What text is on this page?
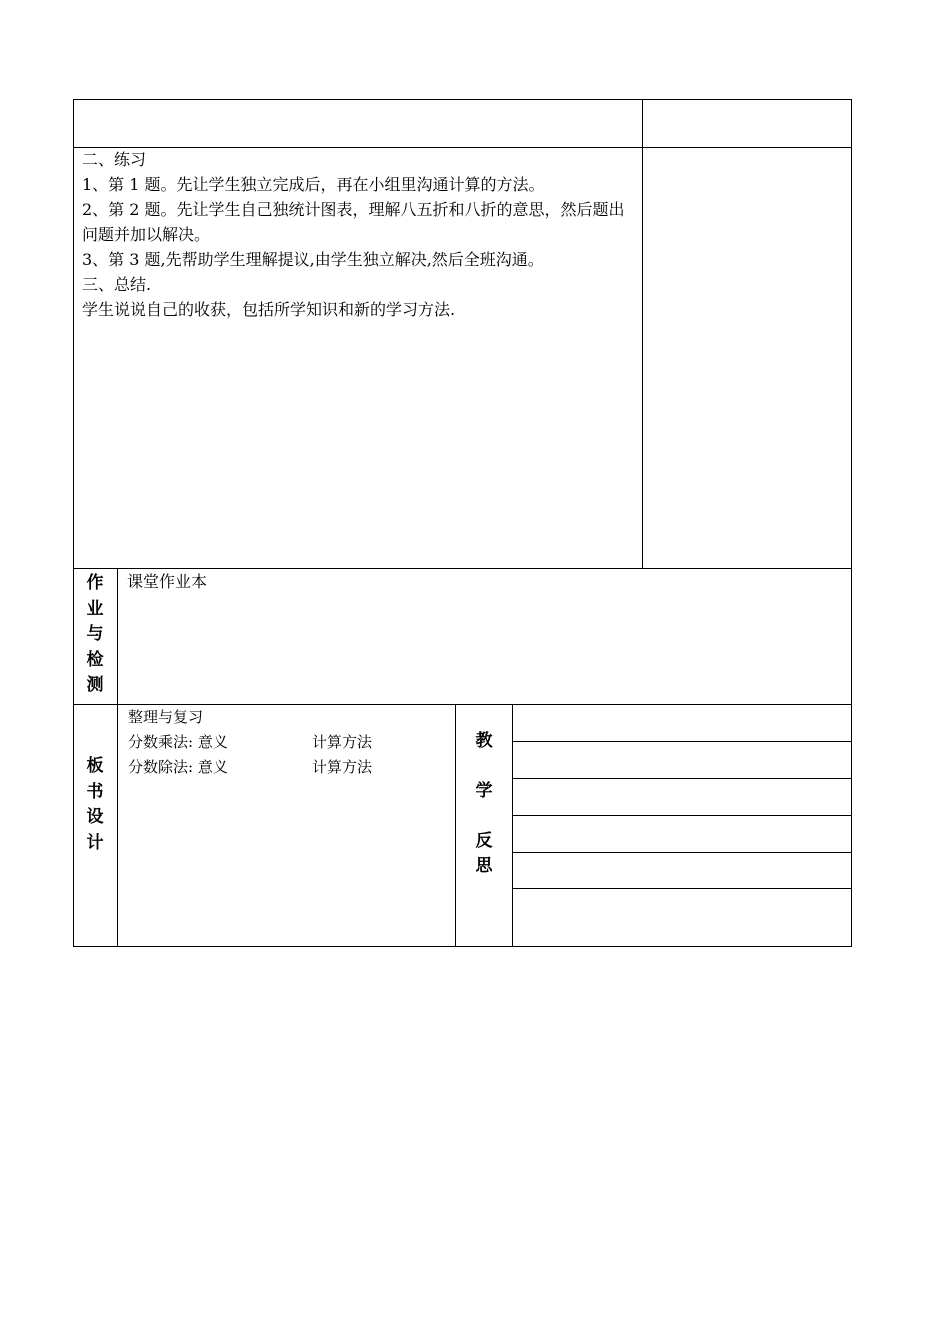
二、练习
1、第 1 题。先让学生独立完成后，再在小组里沟通计算的方法。
2、第 2 题。先让学生自己独统计图表，理解八五折和八折的意思，然后题出问题并加以解决。
3、第 3 题,先帮助学生理解提议,由学生独立解决,然后全班沟通。
三、总结.
学生说说自己的收获，包括所学知识和新的学习方法.
作
业
与
检
测
课堂作业本
板
书
设
计
整理与复习
分数乘法: 意义	计算方法
分数除法: 意义	计算方法
教
学
反
思
